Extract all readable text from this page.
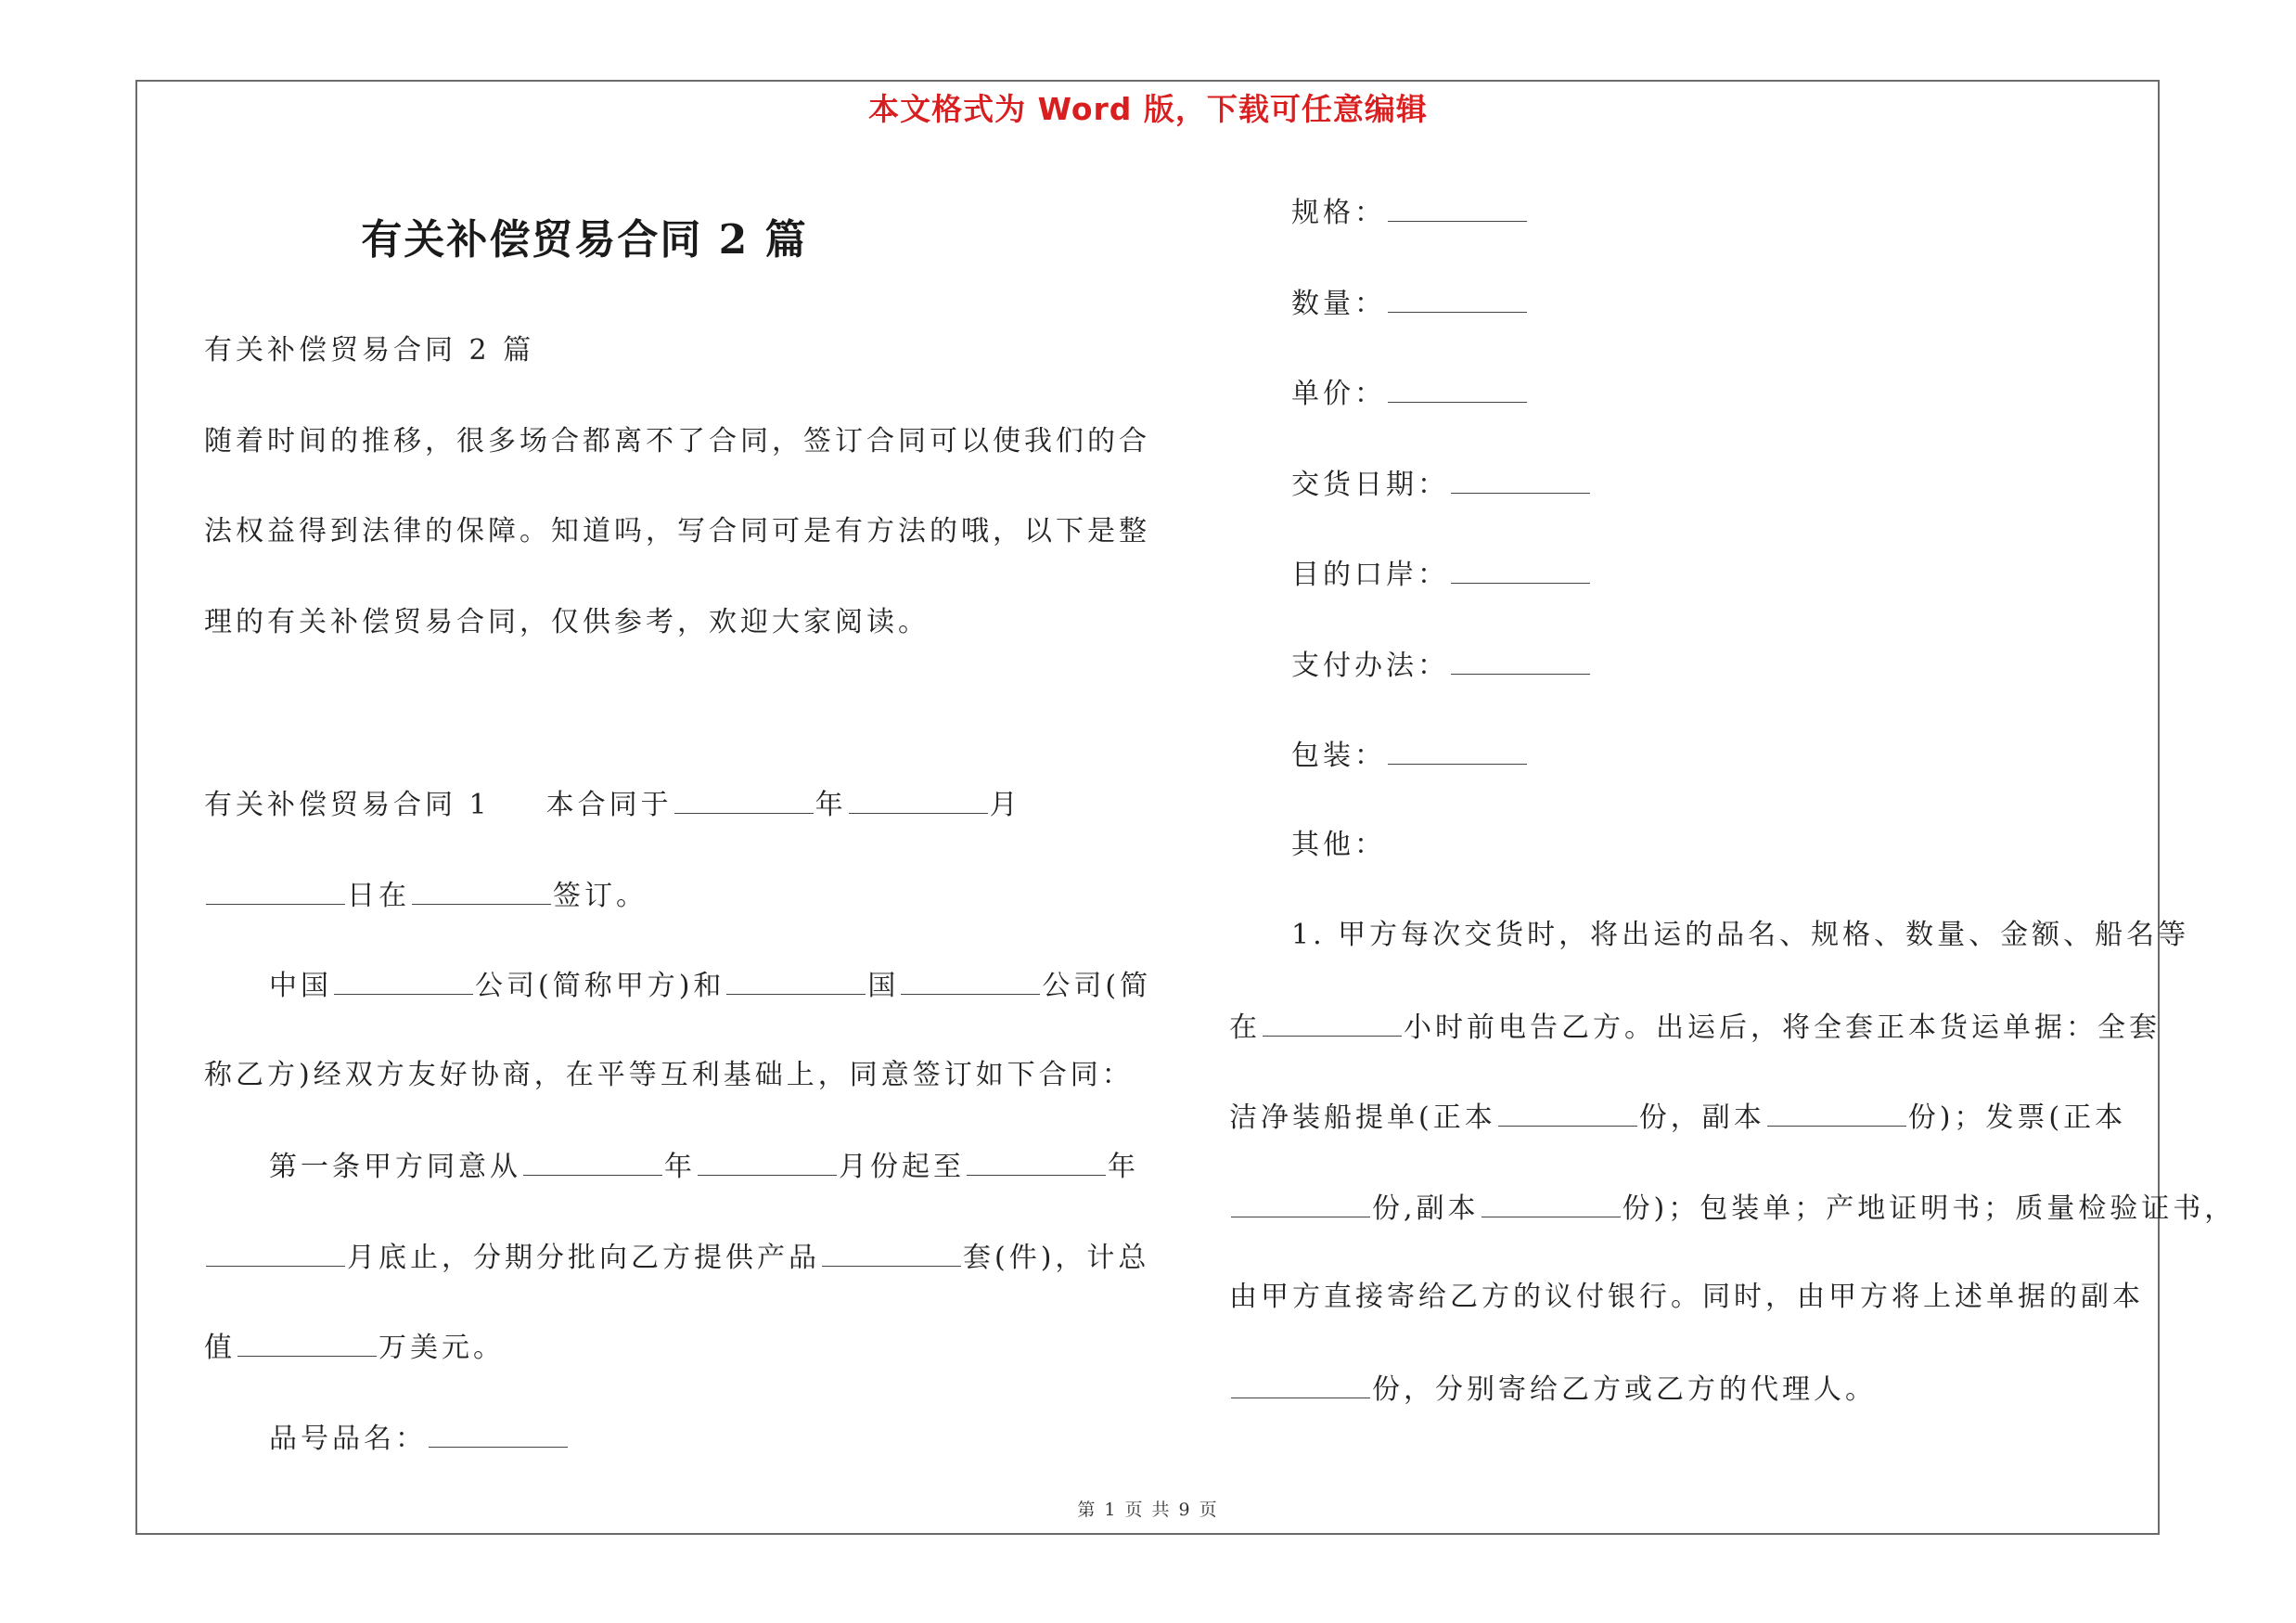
本文格式为 Word 版，下载可任意编辑
有关补偿贸易合同 2 篇
有关补偿贸易合同 2 篇
随着时间的推移，很多场合都离不了合同，签订合同可以使我们的合
法权益得到法律的保障。知道吗，写合同可是有方法的哦，以下是整
理的有关补偿贸易合同，仅供参考，欢迎大家阅读。
有关补偿贸易合同 1 本合同于	年	月
日在	签订。
中国	公司(简称甲方)和	国	公司(简
称乙方)经双方友好协商，在平等互利基础上，同意签订如下合同：
第一条甲方同意从	年	月份起至	年
月底止，分期分批向乙方提供产品	套(件)，计总
值	万美元。
品号品名：
规格：
数量：
单价：
交货日期：
目的口岸：
支付办法：
包装：
其他：
1. 甲方每次交货时，将出运的品名、规格、数量、金额、船名等
在	小时前电告乙方。出运后，将全套正本货运单据：全套
洁净装船提单(正本	份，副本	份)；发票(正本
份,副本	份)；包装单；产地证明书；质量检验证书，
由甲方直接寄给乙方的议付银行。同时，由甲方将上述单据的副本
份，分别寄给乙方或乙方的代理人。
第 1 页 共 9 页
